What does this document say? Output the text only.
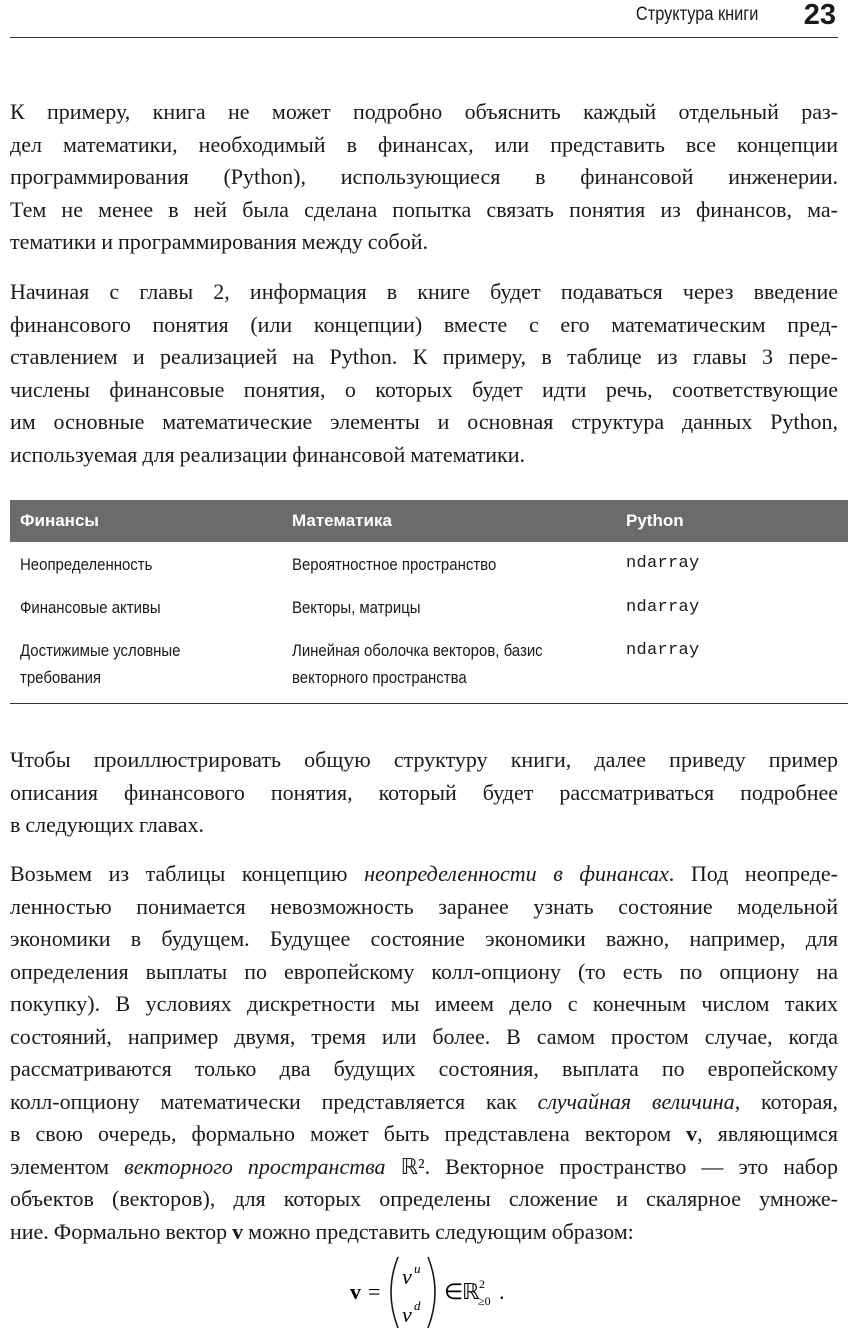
Структура книги 23

К примеру, книга не может подробно объяснить каждый отдельный раз-
дел математики, необходимый в финансах, или представить все концепции
программирования (Python), использующиеся в финансовой инженерии.
Тем не менее в ней была сделана попытка связать понятия из финансов, ма-
тематики и программирования между собой.

Начиная с главы 2, информация в книге будет подаваться через введение
финансового понятия (или концепции) вместе с его математическим пред-
ставлением и реализацией на Python. К примеру, в таблице из главы 3 пере-
числены финансовые понятия, о которых будет идти речь, соответствующие
им основные математические элементы и основная структура данных Python,
используемая для реализации финансовой математики.

Финансы	Математика	Python
Неопределенность	Вероятностное пространство	ndarray
Финансовые активы	Векторы, матрицы	ndarray
Достижимые условные
требования	Линейная оболочка векторов, базис
векторного пространства	ndarray

Чтобы проиллюстрировать общую структуру книги, далее приведу пример
описания финансового понятия, который будет рассматриваться подробнее
в следующих главах.

Возьмем из таблицы концепцию неопределенности в финансах. Под неопреде-
ленностью понимается невозможность заранее узнать состояние модельной
экономики в будущем. Будущее состояние экономики важно, например, для
определения выплаты по европейскому колл-опциону (то есть по опциону на
покупку). В условиях дискретности мы имеем дело с конечным числом таких
состояний, например двумя, тремя или более. В самом простом случае, когда
рассматриваются только два будущих состояния, выплата по европейскому
колл-опциону математически представляется как случайная величина, которая,
в свою очередь, формально может быть представлена вектором v, являющимся
элементом векторного пространства ℝ². Векторное пространство — это набор
объектов (векторов), для которых определены сложение и скалярное умноже-
ние. Формально вектор v можно представить следующим образом:

v =
v u
v d
∈
ℝ 2
≥0 .
